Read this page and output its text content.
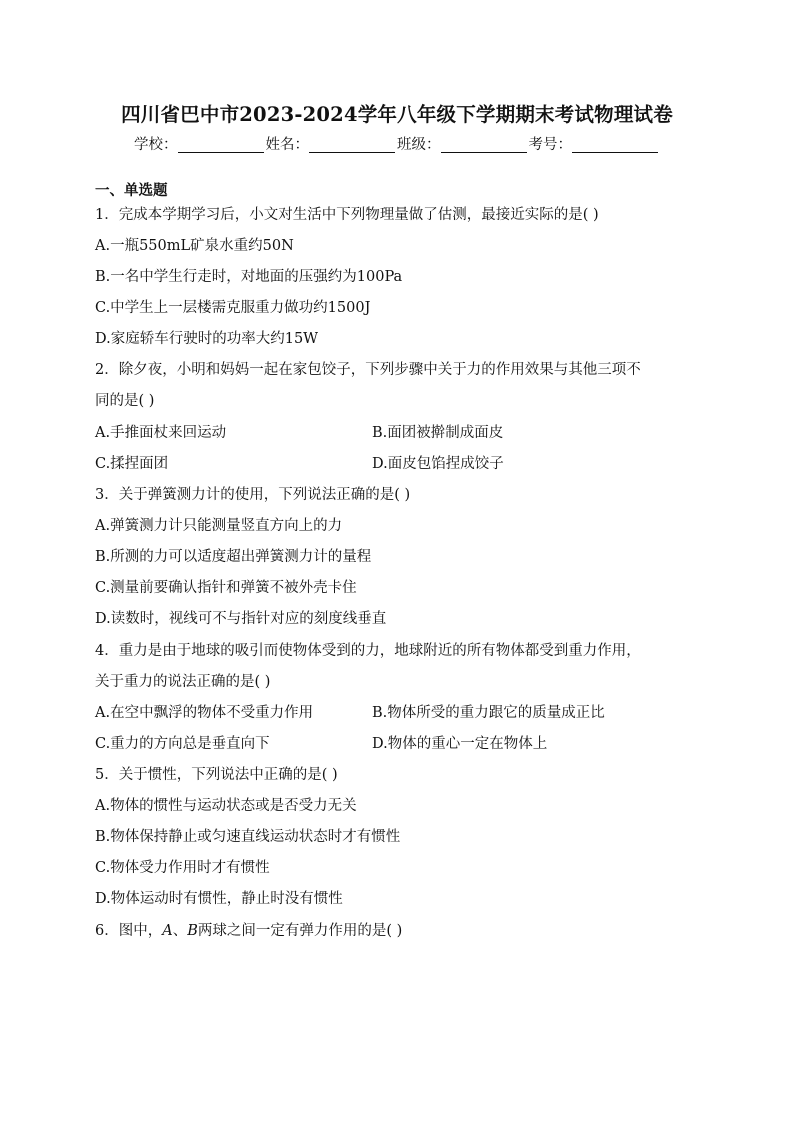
四川省巴中市2023-2024学年八年级下学期期末考试物理试卷
学校：	姓名：	班级：	考号：
一、单选题
1．完成本学期学习后，小文对生活中下列物理量做了估测，最接近实际的是( )
A.一瓶550mL矿泉水重约50N
B.一名中学生行走时，对地面的压强约为100Pa
C.中学生上一层楼需克服重力做功约1500J
D.家庭轿车行驶时的功率大约15W
2．除夕夜，小明和妈妈一起在家包饺子，下列步骤中关于力的作用效果与其他三项不
同的是( )
A.手推面杖来回运动	B.面团被擀制成面皮
C.揉捏面团	D.面皮包馅捏成饺子
3．关于弹簧测力计的使用，下列说法正确的是( )
A.弹簧测力计只能测量竖直方向上的力
B.所测的力可以适度超出弹簧测力计的量程
C.测量前要确认指针和弹簧不被外壳卡住
D.读数时，视线可不与指针对应的刻度线垂直
4．重力是由于地球的吸引而使物体受到的力，地球附近的所有物体都受到重力作用，
关于重力的说法正确的是( )
A.在空中飘浮的物体不受重力作用	B.物体所受的重力跟它的质量成正比
C.重力的方向总是垂直向下	D.物体的重心一定在物体上
5．关于惯性，下列说法中正确的是( )
A.物体的惯性与运动状态或是否受力无关
B.物体保持静止或匀速直线运动状态时才有惯性
C.物体受力作用时才有惯性
D.物体运动时有惯性，静止时没有惯性
6．图中，A、B两球之间一定有弹力作用的是( )
